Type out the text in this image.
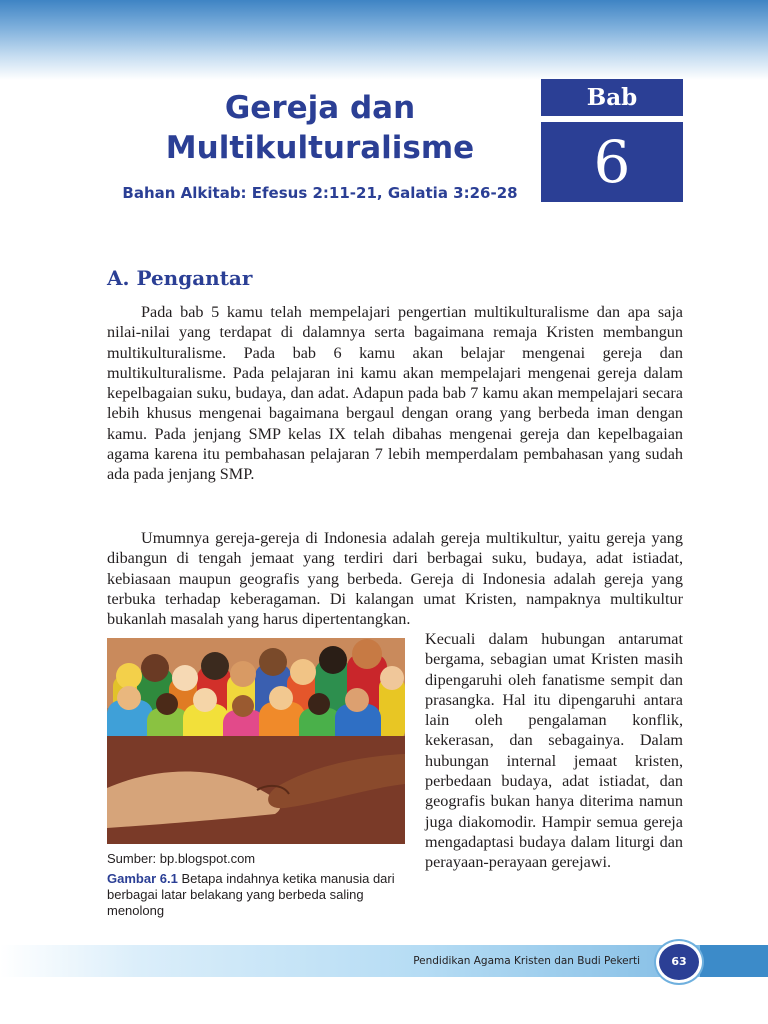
Gereja dan
Multikulturalisme
Bahan Alkitab: Efesus 2:11-21, Galatia 3:26-28
Bab
6
A. Pengantar

Pada bab 5 kamu telah mempelajari pengertian multikulturalisme dan apa saja nilai-nilai yang terdapat di dalamnya serta bagaimana remaja Kristen membangun multikulturalisme. Pada bab 6 kamu akan belajar mengenai gereja dan multikulturalisme. Pada pelajaran ini kamu akan mempelajari mengenai gereja dalam kepelbagaian suku, budaya, dan adat. Adapun pada bab 7 kamu akan mempelajari secara lebih khusus mengenai bagaimana bergaul dengan orang yang berbeda iman dengan kamu. Pada jenjang SMP kelas IX telah dibahas mengenai gereja dan kepelbagaian agama karena itu pembahasan pelajaran 7 lebih memperdalam pembahasan yang sudah ada pada jenjang SMP.

Umumnya gereja-gereja di Indonesia adalah gereja multikultur, yaitu gereja yang dibangun di tengah jemaat yang terdiri dari berbagai suku, budaya, adat istiadat, kebiasaan maupun geografis yang berbeda. Gereja di Indonesia adalah gereja yang terbuka terhadap keberagaman. Di kalangan umat Kristen, nampaknya multikultur bukanlah masalah yang harus dipertentangkan.

Kecuali dalam hubungan antarumat bergama, sebagian umat Kristen masih dipengaruhi oleh fanatisme sempit dan prasangka. Hal itu dipengaruhi antara lain oleh pengalaman konflik, kekerasan, dan sebagainya. Dalam hubungan internal jemaat kristen, perbedaan budaya, adat istiadat, dan geografis bukan hanya diterima namun juga diakomodir. Hampir semua gereja mengadaptasi budaya dalam liturgi dan perayaan-perayaan gerejawi.

Sumber: bp.blogspot.com

Gambar 6.1 Betapa indahnya ketika manusia dari berbagai latar belakang yang berbeda saling menolong

Pendidikan Agama Kristen dan Budi Pekerti	63
